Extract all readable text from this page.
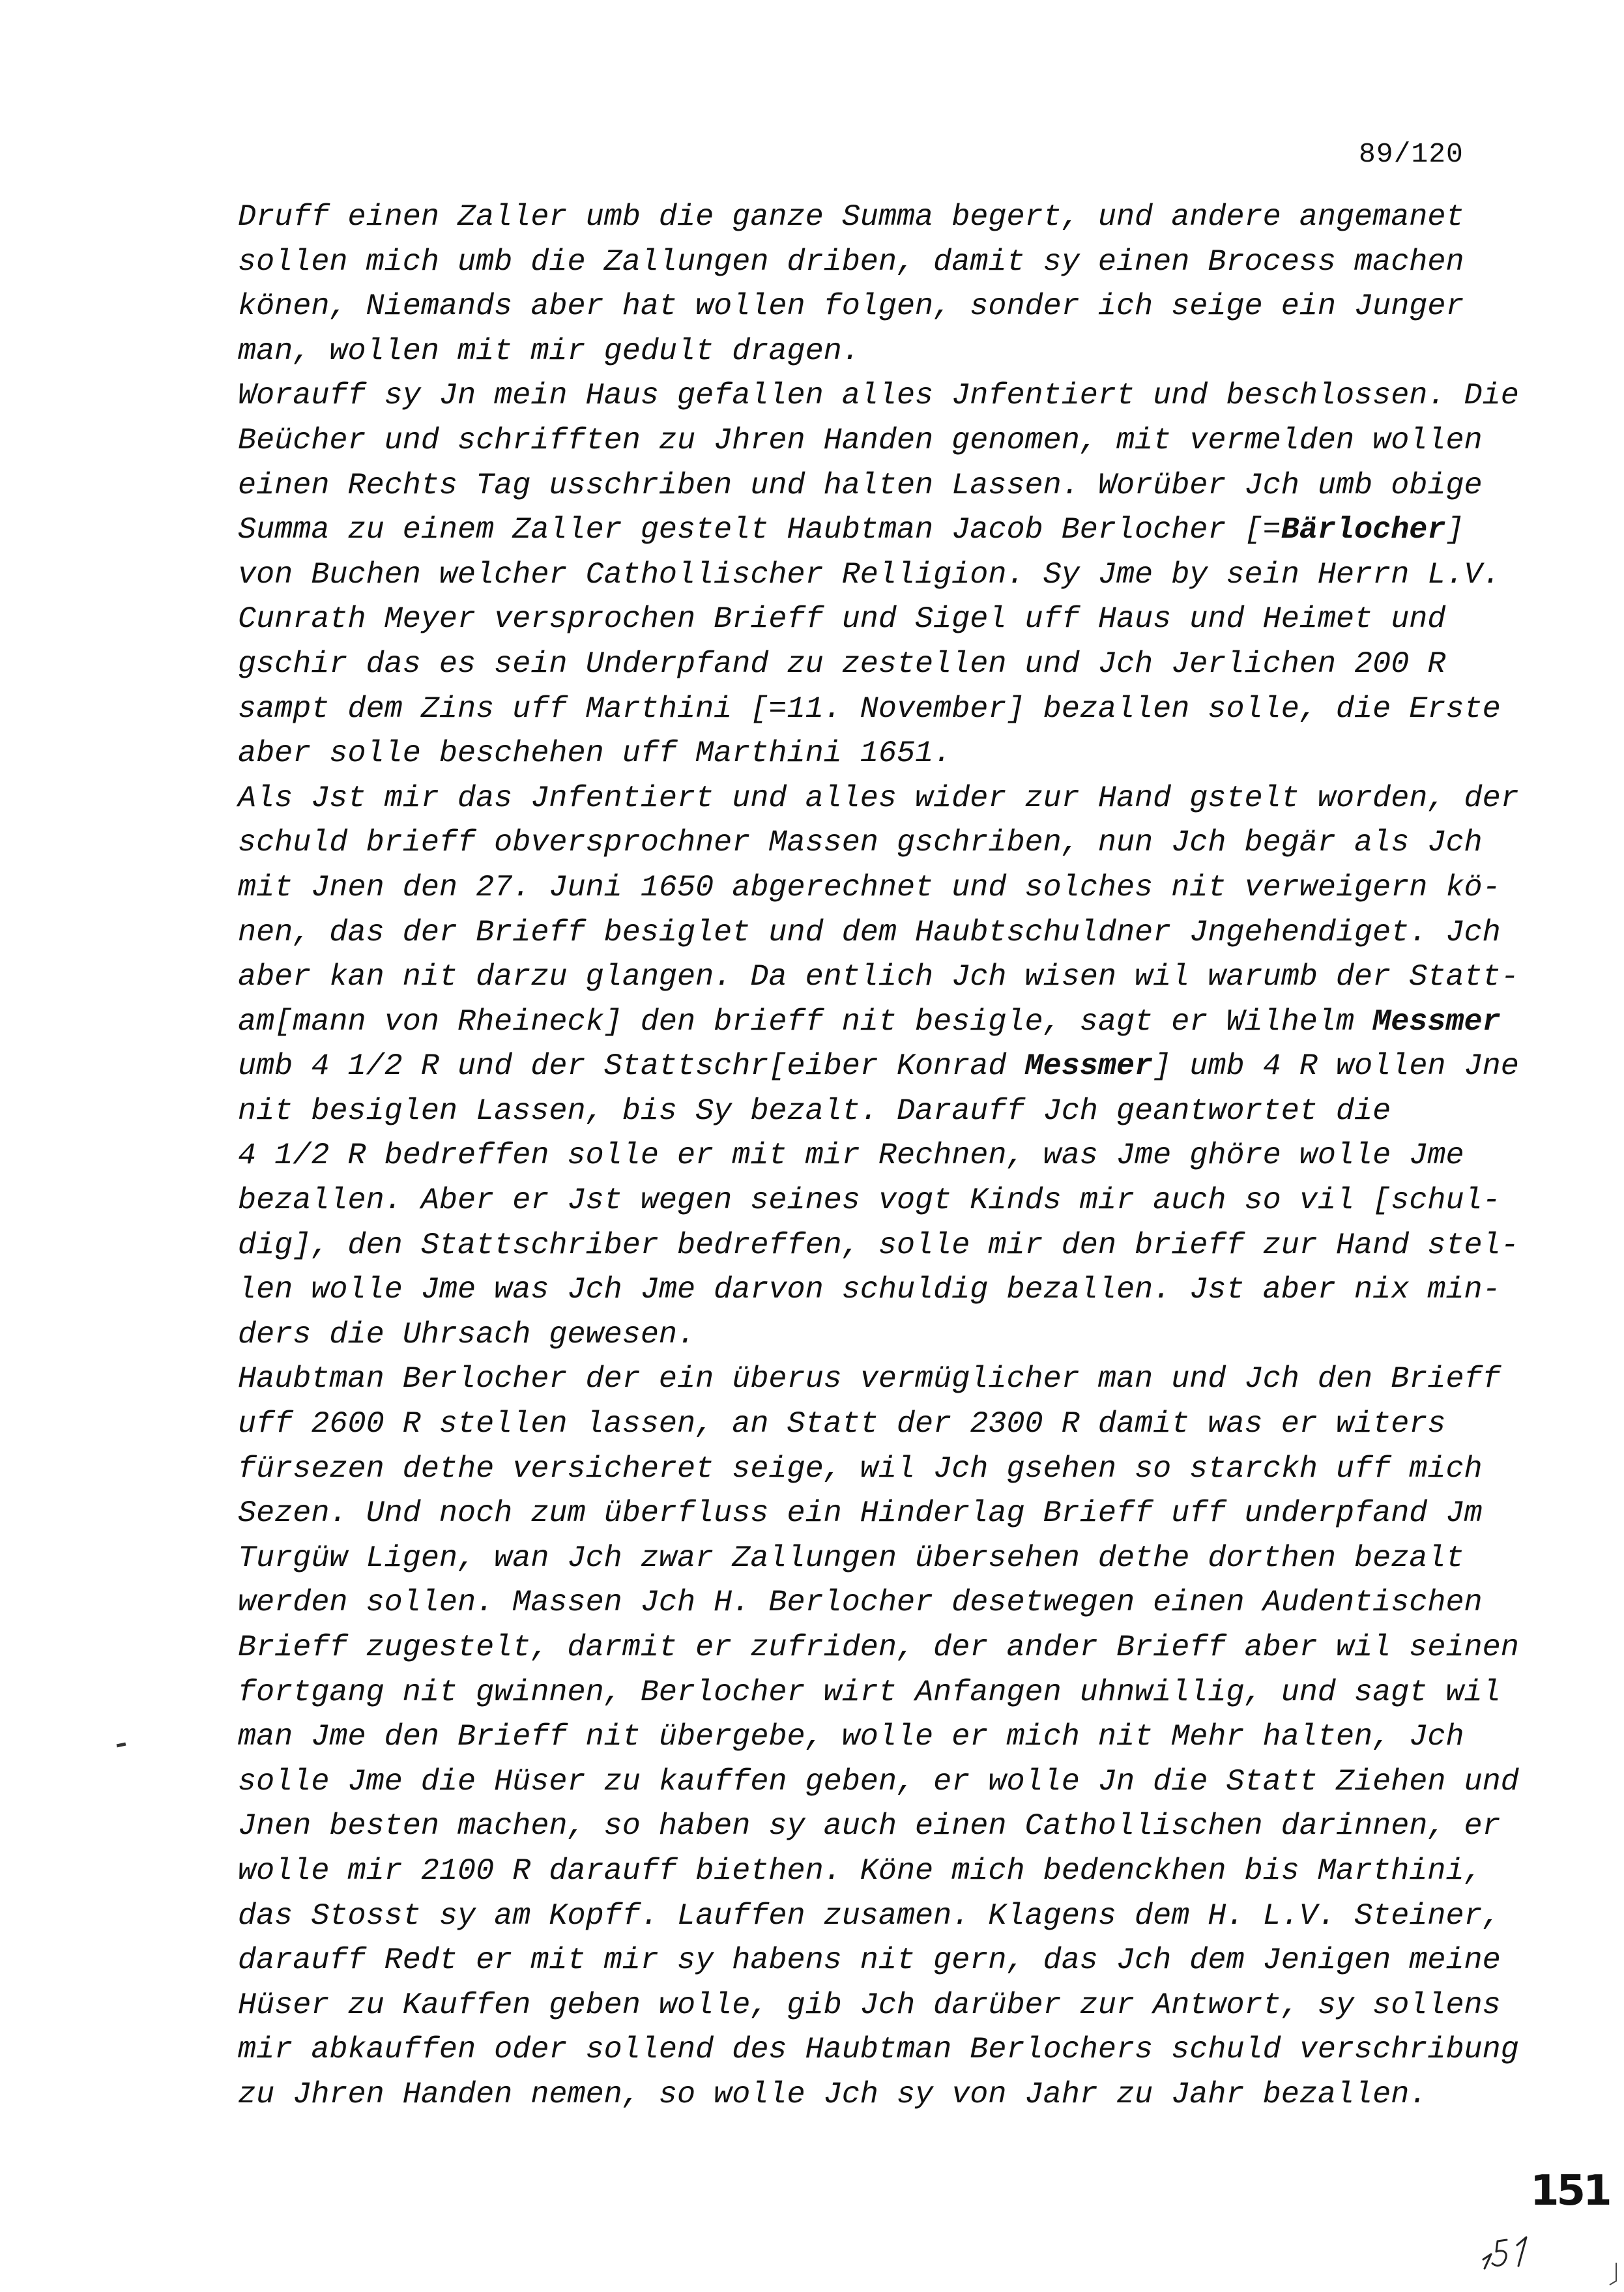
89/120
Druff einen Zaller umb die ganze Summa begert, und andere angemanet
sollen mich umb die Zallungen driben, damit sy einen Brocess machen
könen, Niemands aber hat wollen folgen, sonder ich seige ein Junger
man, wollen mit mir gedult dragen.
Worauff sy Jn mein Haus gefallen alles Jnfentiert und beschlossen. Die
Beücher und schrifften zu Jhren Handen genomen, mit vermelden wollen
einen Rechts Tag usschriben und halten Lassen. Worüber Jch umb obige
Summa zu einem Zaller gestelt Haubtman Jacob Berlocher [=Bärlocher]
von Buchen welcher Cathollischer Relligion. Sy Jme by sein Herrn L.V.
Cunrath Meyer versprochen Brieff und Sigel uff Haus und Heimet und
gschir das es sein Underpfand zu zestellen und Jch Jerlichen 200 R
sampt dem Zins uff Marthini [=11. November] bezallen solle, die Erste
aber solle beschehen uff Marthini 1651.
Als Jst mir das Jnfentiert und alles wider zur Hand gstelt worden, der
schuld brieff obversprochner Massen gschriben, nun Jch begär als Jch
mit Jnen den 27. Juni 1650 abgerechnet und solches nit verweigern kö-
nen, das der Brieff besiglet und dem Haubtschuldner Jngehendiget. Jch
aber kan nit darzu glangen. Da entlich Jch wisen wil warumb der Statt-
am[mann von Rheineck] den brieff nit besigle, sagt er Wilhelm Messmer
umb 4 1/2 R und der Stattschr[eiber Konrad Messmer] umb 4 R wollen Jne
nit besiglen Lassen, bis Sy bezalt. Darauff Jch geantwortet die
4 1/2 R bedreffen solle er mit mir Rechnen, was Jme ghöre wolle Jme
bezallen. Aber er Jst wegen seines vogt Kinds mir auch so vil [schul-
dig], den Stattschriber bedreffen, solle mir den brieff zur Hand stel-
len wolle Jme was Jch Jme darvon schuldig bezallen. Jst aber nix min-
ders die Uhrsach gewesen.
Haubtman Berlocher der ein überus vermüglicher man und Jch den Brieff
uff 2600 R stellen lassen, an Statt der 2300 R damit was er witers
fürsezen dethe versicheret seige, wil Jch gsehen so starckh uff mich
Sezen. Und noch zum überfluss ein Hinderlag Brieff uff underpfand Jm
Turgüw Ligen, wan Jch zwar Zallungen übersehen dethe dorthen bezalt
werden sollen. Massen Jch H. Berlocher desetwegen einen Audentischen
Brieff zugestelt, darmit er zufriden, der ander Brieff aber wil seinen
fortgang nit gwinnen, Berlocher wirt Anfangen uhnwillig, und sagt wil
man Jme den Brieff nit übergebe, wolle er mich nit Mehr halten, Jch
solle Jme die Hüser zu kauffen geben, er wolle Jn die Statt Ziehen und
Jnen besten machen, so haben sy auch einen Cathollischen darinnen, er
wolle mir 2100 R darauff biethen. Köne mich bedenckhen bis Marthini,
das Stosst sy am Kopff. Lauffen zusamen. Klagens dem H. L.V. Steiner,
darauff Redt er mit mir sy habens nit gern, das Jch dem Jenigen meine
Hüser zu Kauffen geben wolle, gib Jch darüber zur Antwort, sy sollens
mir abkauffen oder sollend des Haubtman Berlochers schuld verschribung
zu Jhren Handen nemen, so wolle Jch sy von Jahr zu Jahr bezallen.
151
